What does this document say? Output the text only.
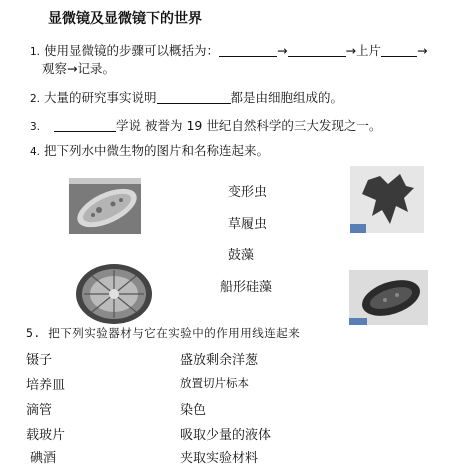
显微镜及显微镜下的世界
1. 使用显微镜的步骤可以概括为：	→	→上片	→
观察→记录。
2. 大量的研究事实说明	都是由细胞组成的。
3.	学说 被誉为 19 世纪自然科学的三大发现之一。
4. 把下列水中微生物的图片和名称连起来。
变形虫
草履虫
鼓藻
船形硅藻
5. 把下列实验器材与它在实验中的作用用线连起来
镊子
培养皿
滴管
载玻片
碘酒
盛放剩余洋葱
放置切片标本
染色
吸取少量的液体
夹取实验材料
